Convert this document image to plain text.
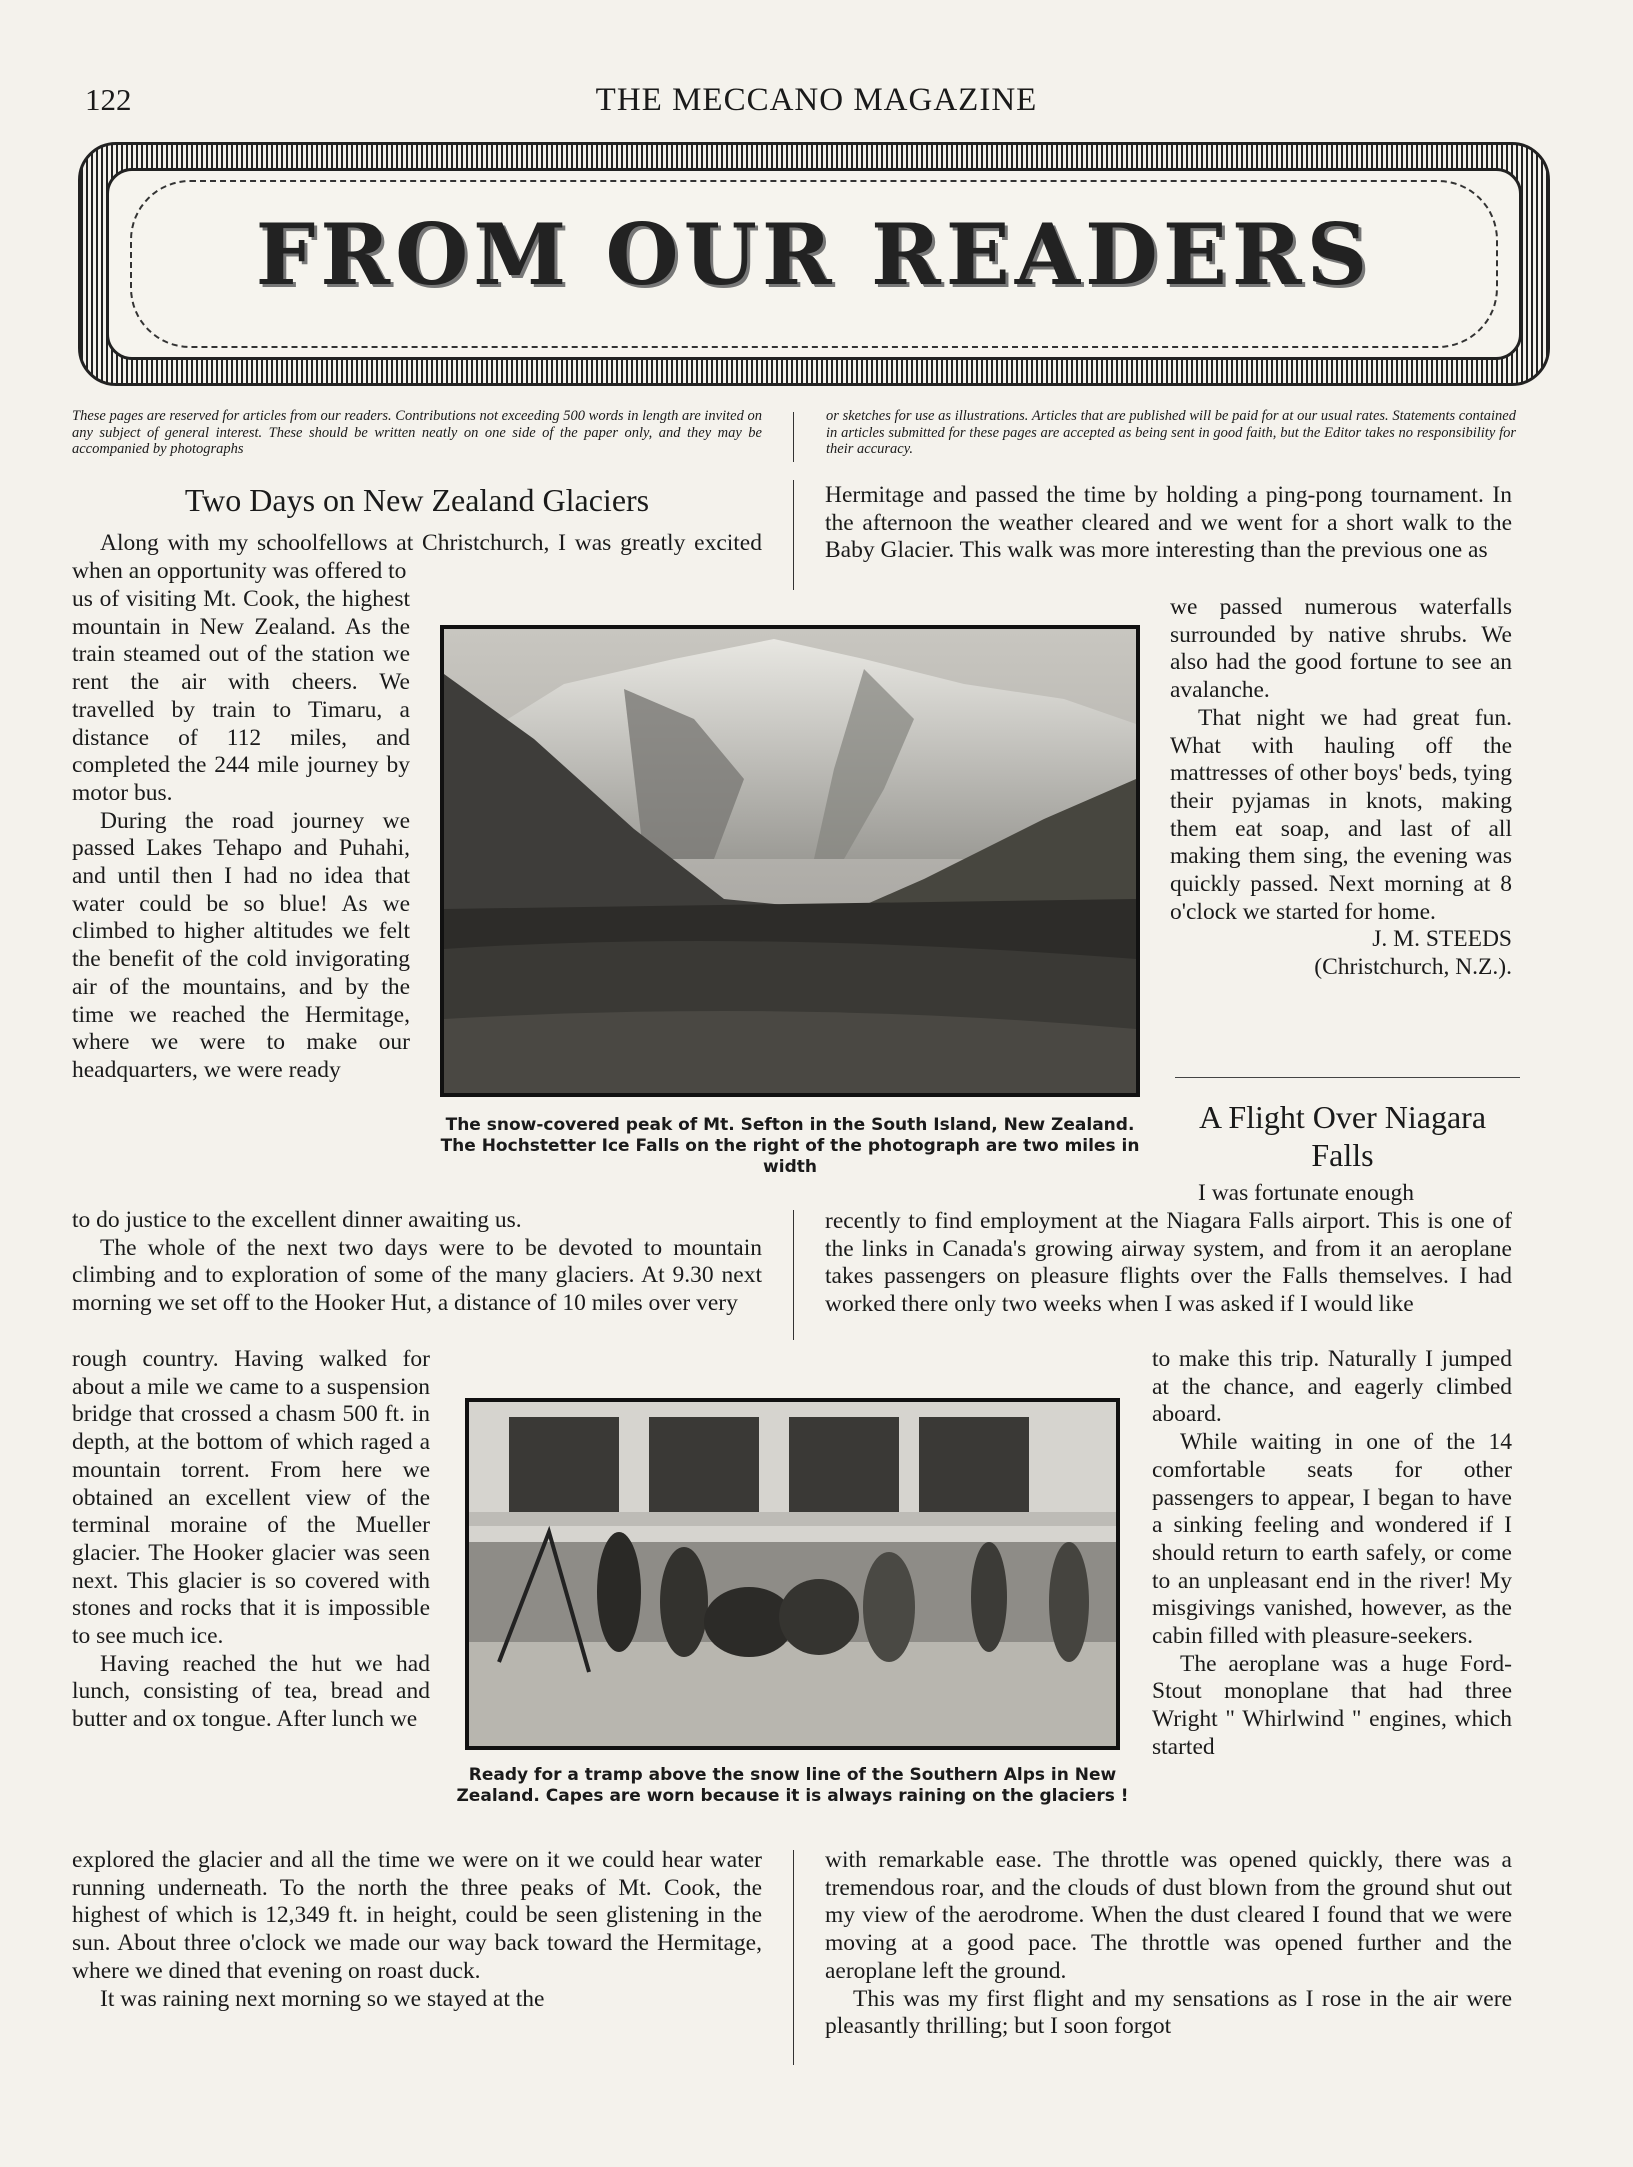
122	THE MECCANO MAGAZINE
FROM OUR READERS
These pages are reserved for articles from our readers. Contributions not exceeding 500 words in length are invited on any subject of general interest. These should be written neatly on one side of the paper only, and they may be accompanied by photographs
or sketches for use as illustrations. Articles that are published will be paid for at our usual rates. Statements contained in articles submitted for these pages are accepted as being sent in good faith, but the Editor takes no responsibility for their accuracy.
Two Days on New Zealand Glaciers

Along with my schoolfellows at Christchurch, I was greatly excited when an opportunity was offered to

us of visiting Mt. Cook, the highest mountain in New Zealand. As the train steamed out of the station we rent the air with cheers. We travelled by train to Timaru, a distance of 112 miles, and completed the 244 mile journey by motor bus.

During the road journey we passed Lakes Tehapo and Puhahi, and until then I had no idea that water could be so blue! As we climbed to higher altitudes we felt the benefit of the cold invigorating air of the mountains, and by the time we reached the Hermitage, where we were to make our headquarters, we were ready

The snow-covered peak of Mt. Sefton in the South Island, New Zealand. The Hochstetter Ice Falls on the right of the photograph are two miles in width

to do justice to the excellent dinner awaiting us.

The whole of the next two days were to be devoted to mountain climbing and to exploration of some of the many glaciers. At 9.30 next morning we set off to the Hooker Hut, a distance of 10 miles over very

rough country. Having walked for about a mile we came to a suspension bridge that crossed a chasm 500 ft. in depth, at the bottom of which raged a mountain torrent. From here we obtained an excellent view of the terminal moraine of the Mueller glacier. The Hooker glacier was seen next. This glacier is so covered with stones and rocks that it is impossible to see much ice.

Having reached the hut we had lunch, consisting of tea, bread and butter and ox tongue. After lunch we

Ready for a tramp above the snow line of the Southern Alps in New Zealand. Capes are worn because it is always raining on the glaciers !

explored the glacier and all the time we were on it we could hear water running underneath. To the north the three peaks of Mt. Cook, the highest of which is 12,349 ft. in height, could be seen glistening in the sun. About three o'clock we made our way back toward the Hermitage, where we dined that evening on roast duck.

It was raining next morning so we stayed at the

Hermitage and passed the time by holding a ping-pong tournament. In the afternoon the weather cleared and we went for a short walk to the Baby Glacier. This walk was more interesting than the previous one as

we passed numerous waterfalls surrounded by native shrubs. We also had the good fortune to see an avalanche.

That night we had great fun. What with hauling off the mattresses of other boys' beds, tying their pyjamas in knots, making them eat soap, and last of all making them sing, the evening was quickly passed. Next morning at 8 o'clock we started for home.

J. M. STEEDS

(Christchurch, N.Z.).

A Flight Over Niagara Falls

I was fortunate enough

recently to find employment at the Niagara Falls airport. This is one of the links in Canada's growing airway system, and from it an aeroplane takes passengers on pleasure flights over the Falls themselves. I had worked there only two weeks when I was asked if I would like

to make this trip. Naturally I jumped at the chance, and eagerly climbed aboard.

While waiting in one of the 14 comfortable seats for other passengers to appear, I began to have a sinking feeling and wondered if I should return to earth safely, or come to an unpleasant end in the river! My misgivings vanished, however, as the cabin filled with pleasure-seekers.

The aeroplane was a huge Ford-Stout monoplane that had three Wright " Whirlwind " engines, which started

with remarkable ease. The throttle was opened quickly, there was a tremendous roar, and the clouds of dust blown from the ground shut out my view of the aerodrome. When the dust cleared I found that we were moving at a good pace. The throttle was opened further and the aeroplane left the ground.

This was my first flight and my sensations as I rose in the air were pleasantly thrilling; but I soon forgot
